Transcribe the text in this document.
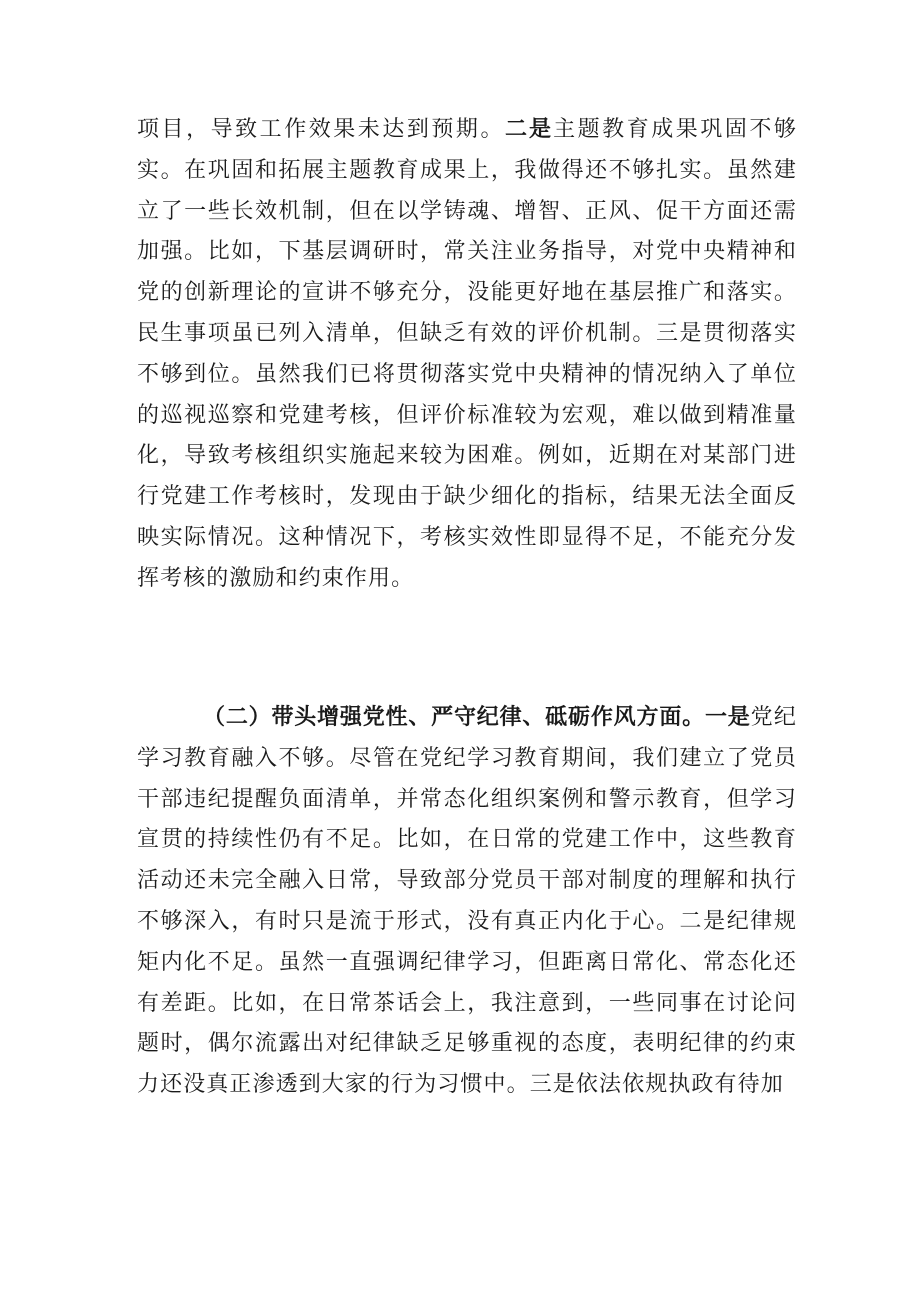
项目，导致工作效果未达到预期。二是主题教育成果巩固不够实。在巩固和拓展主题教育成果上，我做得还不够扎实。虽然建立了一些长效机制，但在以学铸魂、增智、正风、促干方面还需加强。比如，下基层调研时，常关注业务指导，对党中央精神和党的创新理论的宣讲不够充分，没能更好地在基层推广和落实。民生事项虽已列入清单，但缺乏有效的评价机制。三是贯彻落实不够到位。虽然我们已将贯彻落实党中央精神的情况纳入了单位的巡视巡察和党建考核，但评价标准较为宏观，难以做到精准量化，导致考核组织实施起来较为困难。例如，近期在对某部门进行党建工作考核时，发现由于缺少细化的指标，结果无法全面反映实际情况。这种情况下，考核实效性即显得不足，不能充分发挥考核的激励和约束作用。

（二）带头增强党性、严守纪律、砥砺作风方面。一是党纪学习教育融入不够。尽管在党纪学习教育期间，我们建立了党员干部违纪提醒负面清单，并常态化组织案例和警示教育，但学习宣贯的持续性仍有不足。比如，在日常的党建工作中，这些教育活动还未完全融入日常，导致部分党员干部对制度的理解和执行不够深入，有时只是流于形式，没有真正内化于心。二是纪律规矩内化不足。虽然一直强调纪律学习，但距离日常化、常态化还有差距。比如，在日常茶话会上，我注意到，一些同事在讨论问题时，偶尔流露出对纪律缺乏足够重视的态度，表明纪律的约束力还没真正渗透到大家的行为习惯中。三是依法依规执政有待加
